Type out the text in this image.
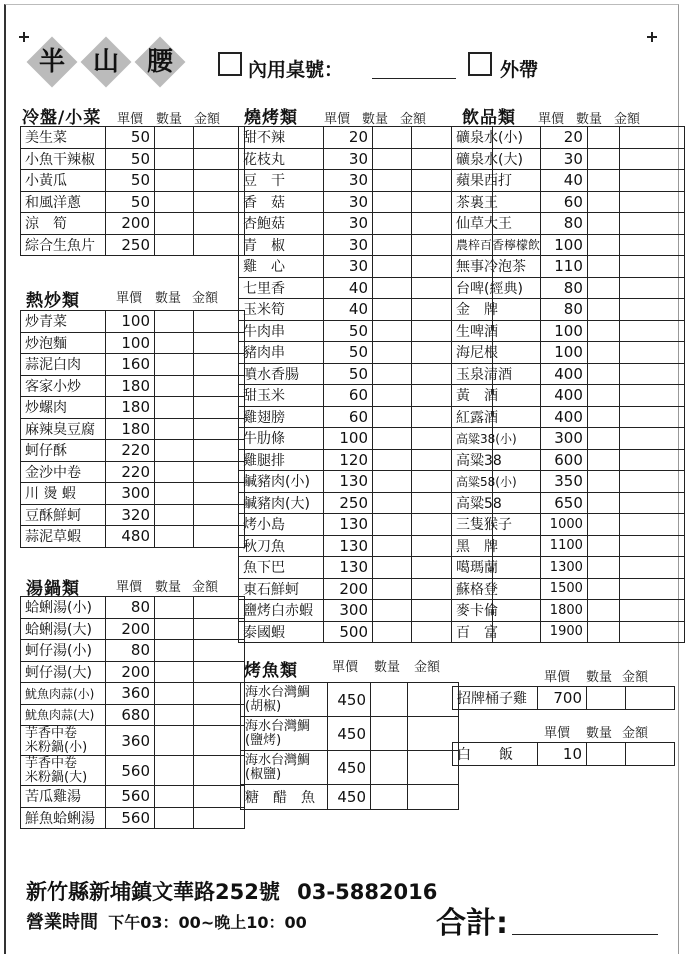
半 山 腰	內用桌號：	外帶
冷盤/小菜 單價 數量 金額
美生菜	50		
小魚干辣椒	50		
小黃瓜	50		
和風洋蔥	50		
涼　筍	200		
綜合生魚片	250		
熱炒類	單價 數量 金額
炒青菜	100		
炒泡麵	100		
蒜泥白肉	160		
客家小炒	180		
炒螺肉	180		
麻辣臭豆腐	180		
蚵仔酥	220		
金沙中卷	220		
川 燙 蝦	300		
豆酥鮮蚵	320		
蒜泥草蝦	480		
湯鍋類	單價 數量 金額
蛤蜊湯(小)	80		
蛤蜊湯(大)	200		
蚵仔湯(小)	80		
蚵仔湯(大)	200		
魷魚肉蒜(小)	360		
魷魚肉蒜(大)	680		
芋香中卷
米粉鍋(小)	360		
芋香中卷
米粉鍋(大)	560		
苦瓜雞湯	560		
鮮魚蛤蜊湯	560		
燒烤類 單價 數量 金額
甜不辣	20		
花枝丸	30		
豆　干	30		
香　菇	30		
杏鮑菇	30		
青　椒	30		
雞　心	30		
七里香	40		
玉米筍	40		
牛肉串	50		
豬肉串	50		
噴水香腸	50		
甜玉米	60		
雞翅膀	60		
牛肋條	100		
雞腿排	120		
鹹豬肉(小)	130		
鹹豬肉(大)	250		
烤小島	130		
秋刀魚	130		
魚下巴	130		
東石鮮蚵	200		
鹽烤白赤蝦	300		
泰國蝦	500		
烤魚類	單價 數量 金額
海水台灣鯛
(胡椒)	450		
海水台灣鯛
(鹽烤)	450		
海水台灣鯛
(椒鹽)	450		
糖　醋　魚	450		
飲品類 單價 數量 金額
礦泉水(小)	20		
礦泉水(大)	30		
蘋果西打	40		
茶裏王	60		
仙草大王	80		
農梓百香檸檬飲	100		
無事冷泡茶	110		
台啤(經典)	80		
金　牌	80		
生啤酒	100		
海尼根	100		
玉泉清酒	400		
黃　酒	400		
紅露酒	400		
高粱38(小)	300		
高粱38	600		
高粱58(小)	350		
高粱58	650		
三隻猴子	1000		
黑　牌	1100		
噶瑪蘭	1300		
蘇格登	1500		
麥卡倫	1800		
百　富	1900		
單價 數量 金額
招牌桶子雞	700		
單價 數量 金額
白　　飯	10		
新竹縣新埔鎮文華路252號 03-5882016
營業時間 下午03：00~晚上10：00	合計:
